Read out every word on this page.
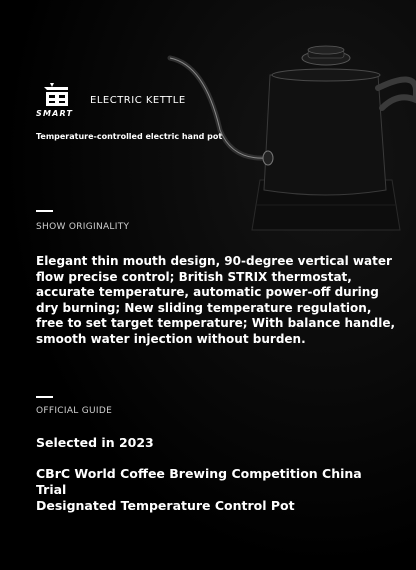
SMART
ELECTRIC KETTLE
Temperature-controlled electric hand pot
SHOW ORIGINALITY
Elegant thin mouth design, 90-degree vertical water flow precise control; British STRIX thermostat, accurate temperature, automatic power-off during dry burning; New sliding temperature regulation, free to set target temperature; With balance handle, smooth water injection without burden.
OFFICIAL GUIDE
Selected in 2023
CBrC World Coffee Brewing Competition China Trial
Designated Temperature Control Pot
